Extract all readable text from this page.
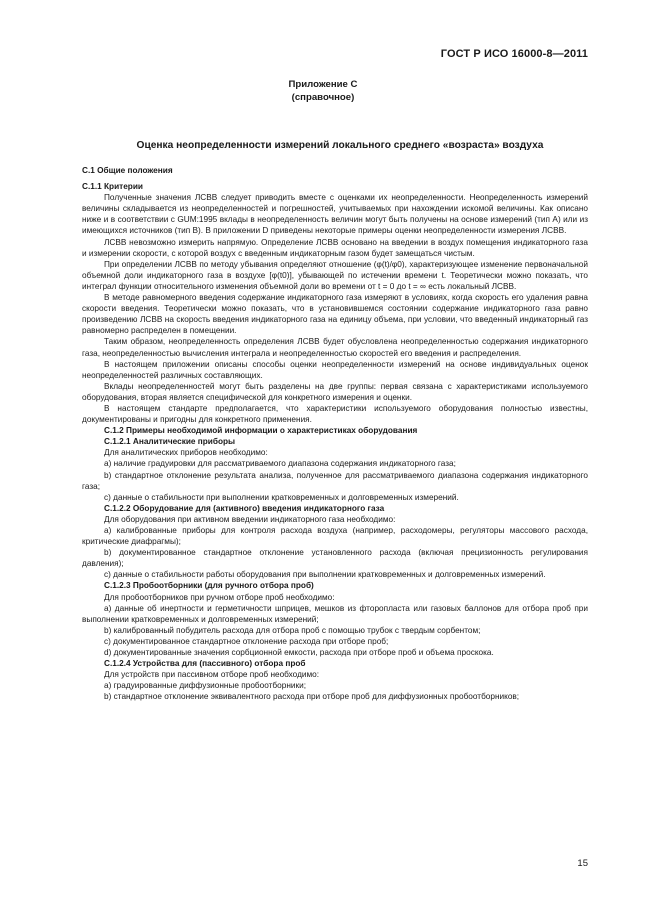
ГОСТ Р ИСО 16000-8—2011
Приложение С
(справочное)
Оценка неопределенности измерений локального среднего «возраста» воздуха

С.1 Общие положения

С.1.1 Критерии

Полученные значения ЛСВВ следует приводить вместе с оценками их неопределенности. Неопределенность измерений величины складывается из неопределенностей и погрешностей, учитываемых при нахождении искомой величины. Как описано ниже и в соответствии с GUM:1995 вклады в неопределенность величин могут быть получены на основе измерений (тип А) или из имеющихся источников (тип В). В приложении D приведены некоторые примеры оценки неопределенности измерения ЛСВВ.

ЛСВВ невозможно измерить напрямую. Определение ЛСВВ основано на введении в воздух помещения индикаторного газа и измерении скорости, с которой воздух с введенным индикаторным газом будет замещаться чистым.

При определении ЛСВВ по методу убывания определяют отношение (φ(t)/φ0), характеризующее изменение первоначальной объемной доли индикаторного газа в воздухе [φ(t0)], убывающей по истечении времени t. Теоретически можно показать, что интеграл функции относительного изменения объемной доли во времени от t = 0 до t = ∞ есть локальный ЛСВВ.

В методе равномерного введения содержание индикаторного газа измеряют в условиях, когда скорость его удаления равна скорости введения. Теоретически можно показать, что в установившемся состоянии содержание индикаторного газа равно произведению ЛСВВ на скорость введения индикаторного газа на единицу объема, при условии, что введенный индикаторный газ равномерно распределен в помещении.

Таким образом, неопределенность определения ЛСВВ будет обусловлена неопределенностью содержания индикаторного газа, неопределенностью вычисления интеграла и неопределенностью скоростей его введения и распределения.

В настоящем приложении описаны способы оценки неопределенности измерений на основе индивидуальных оценок неопределенностей различных составляющих.

Вклады неопределенностей могут быть разделены на две группы: первая связана с характеристиками используемого оборудования, вторая является специфической для конкретного измерения и оценки.

В настоящем стандарте предполагается, что характеристики используемого оборудования полностью известны, документированы и пригодны для конкретного применения.

С.1.2 Примеры необходимой информации о характеристиках оборудования

С.1.2.1 Аналитические приборы

Для аналитических приборов необходимо:

а) наличие градуировки для рассматриваемого диапазона содержания индикаторного газа;

b) стандартное отклонение результата анализа, полученное для рассматриваемого диапазона содержания индикаторного газа;

с) данные о стабильности при выполнении кратковременных и долговременных измерений.

С.1.2.2 Оборудование для (активного) введения индикаторного газа

Для оборудования при активном введении индикаторного газа необходимо:

а) калиброванные приборы для контроля расхода воздуха (например, расходомеры, регуляторы массового расхода, критические диафрагмы);

b) документированное стандартное отклонение установленного расхода (включая прецизионность регулирования давления);

с) данные о стабильности работы оборудования при выполнении кратковременных и долговременных измерений.

С.1.2.3 Пробоотборники (для ручного отбора проб)

Для пробоотборников при ручном отборе проб необходимо:

а) данные об инертности и герметичности шприцев, мешков из фторопласта или газовых баллонов для отбора проб при выполнении кратковременных и долговременных измерений;

b) калиброванный побудитель расхода для отбора проб с помощью трубок с твердым сорбентом;

с) документированное стандартное отклонение расхода при отборе проб;

d) документированные значения сорбционной емкости, расхода при отборе проб и объема проскока.

С.1.2.4 Устройства для (пассивного) отбора проб

Для устройств при пассивном отборе проб необходимо:

а) градуированные диффузионные пробоотборники;

b) стандартное отклонение эквивалентного расхода при отборе проб для диффузионных пробоотборников;

15
